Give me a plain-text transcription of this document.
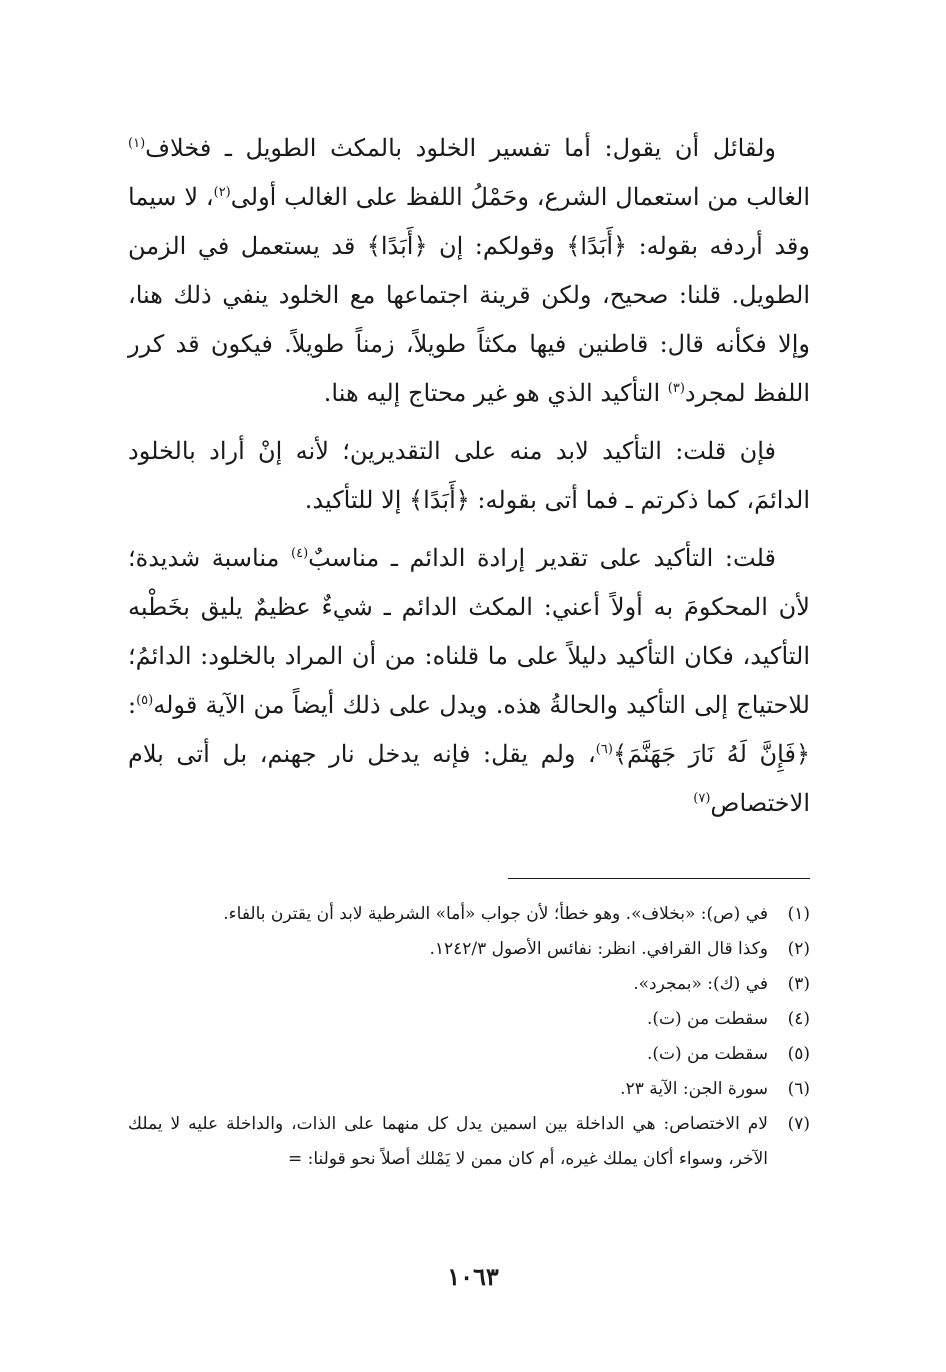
ولقائل أن يقول: أما تفسير الخلود بالمكث الطويل ـ فخلاف$^{(١)}$ الغالب من استعمال الشرع، وحَمْلُ اللفظ على الغالب أولى$^{(٢)}$، لا سيما وقد أردفه بقوله: ﴿أَبَدًا﴾ وقولكم: إن ﴿أَبَدًا﴾ قد يستعمل في الزمن الطويل. قلنا: صحيح، ولكن قرينة اجتماعها مع الخلود ينفي ذلك هنا، وإلا فكأنه قال: قاطنين فيها مكثاً طويلاً، زمناً طويلاً. فيكون قد كرر اللفظ لمجرد$^{(٣)}$ التأكيد الذي هو غير محتاج إليه هنا.

فإن قلت: التأكيد لابد منه على التقديرين؛ لأنه إنْ أراد بالخلود الدائمَ، كما ذكرتم ـ فما أتى بقوله: ﴿أَبَدًا﴾ إلا للتأكيد.

قلت: التأكيد على تقدير إرادة الدائم ـ مناسبٌ$^{(٤)}$ مناسبة شديدة؛ لأن المحكومَ به أولاً أعني: المكث الدائم ـ شيءٌ عظيمٌ يليق بخَطْبه التأكيد، فكان التأكيد دليلاً على ما قلناه: من أن المراد بالخلود: الدائمُ؛ للاحتياج إلى التأكيد والحالةُ هذه. ويدل على ذلك أيضاً من الآية قوله$^{(٥)}$: ﴿فَإِنَّ لَهُ نَارَ جَهَنَّمَ﴾$^{(٦)}$، ولم يقل: فإنه يدخل نار جهنم، بل أتى بلام الاختصاص$^{(٧)}$

(١)
في (ص): «بخلاف». وهو خطأ؛ لأن جواب «أما» الشرطية لابد أن يقترن بالفاء.
(٢)
وكذا قال القرافي. انظر: نفائس الأصول ١٢٤٢/٣.
(٣)
في (ك): «بمجرد».
(٤)
سقطت من (ت).
(٥)
سقطت من (ت).
(٦)
سورة الجن: الآية ٢٣.
(٧)
لام الاختصاص: هي الداخلة بين اسمين يدل كل منهما على الذات، والداخلة عليه لا يملك الآخر، وسواء أكان يملك غيره، أم كان ممن لا يَمْلك أصلاً نحو قولنا: =
١٠٦٣
